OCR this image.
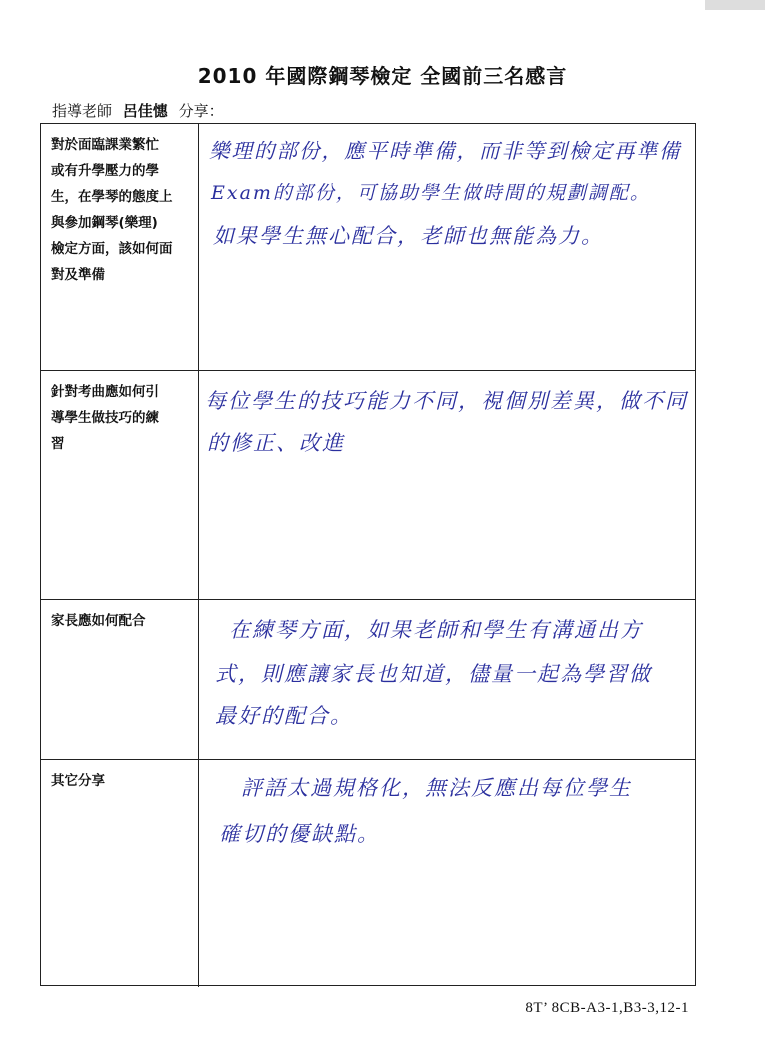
2010 年國際鋼琴檢定 全國前三名感言
指導老師 呂佳憓 分享：
對於面臨課業繁忙
或有升學壓力的學
生，在學琴的態度上
與參加鋼琴(樂理)
檢定方面，該如何面
對及準備
樂理的部份，應平時準備，而非等到檢定再準備
Exam的部份，可協助學生做時間的規劃調配。
如果學生無心配合，老師也無能為力。
針對考曲應如何引
導學生做技巧的練
習
每位學生的技巧能力不同，視個別差異，做不同
的修正、改進
家長應如何配合	在練琴方面，如果老師和學生有溝通出方
式，則應讓家長也知道，儘量一起為學習做
最好的配合。
其它分享	評語太過規格化，無法反應出每位學生
確切的優缺點。
8T’ 8CB-A3-1,B3-3,12-1
